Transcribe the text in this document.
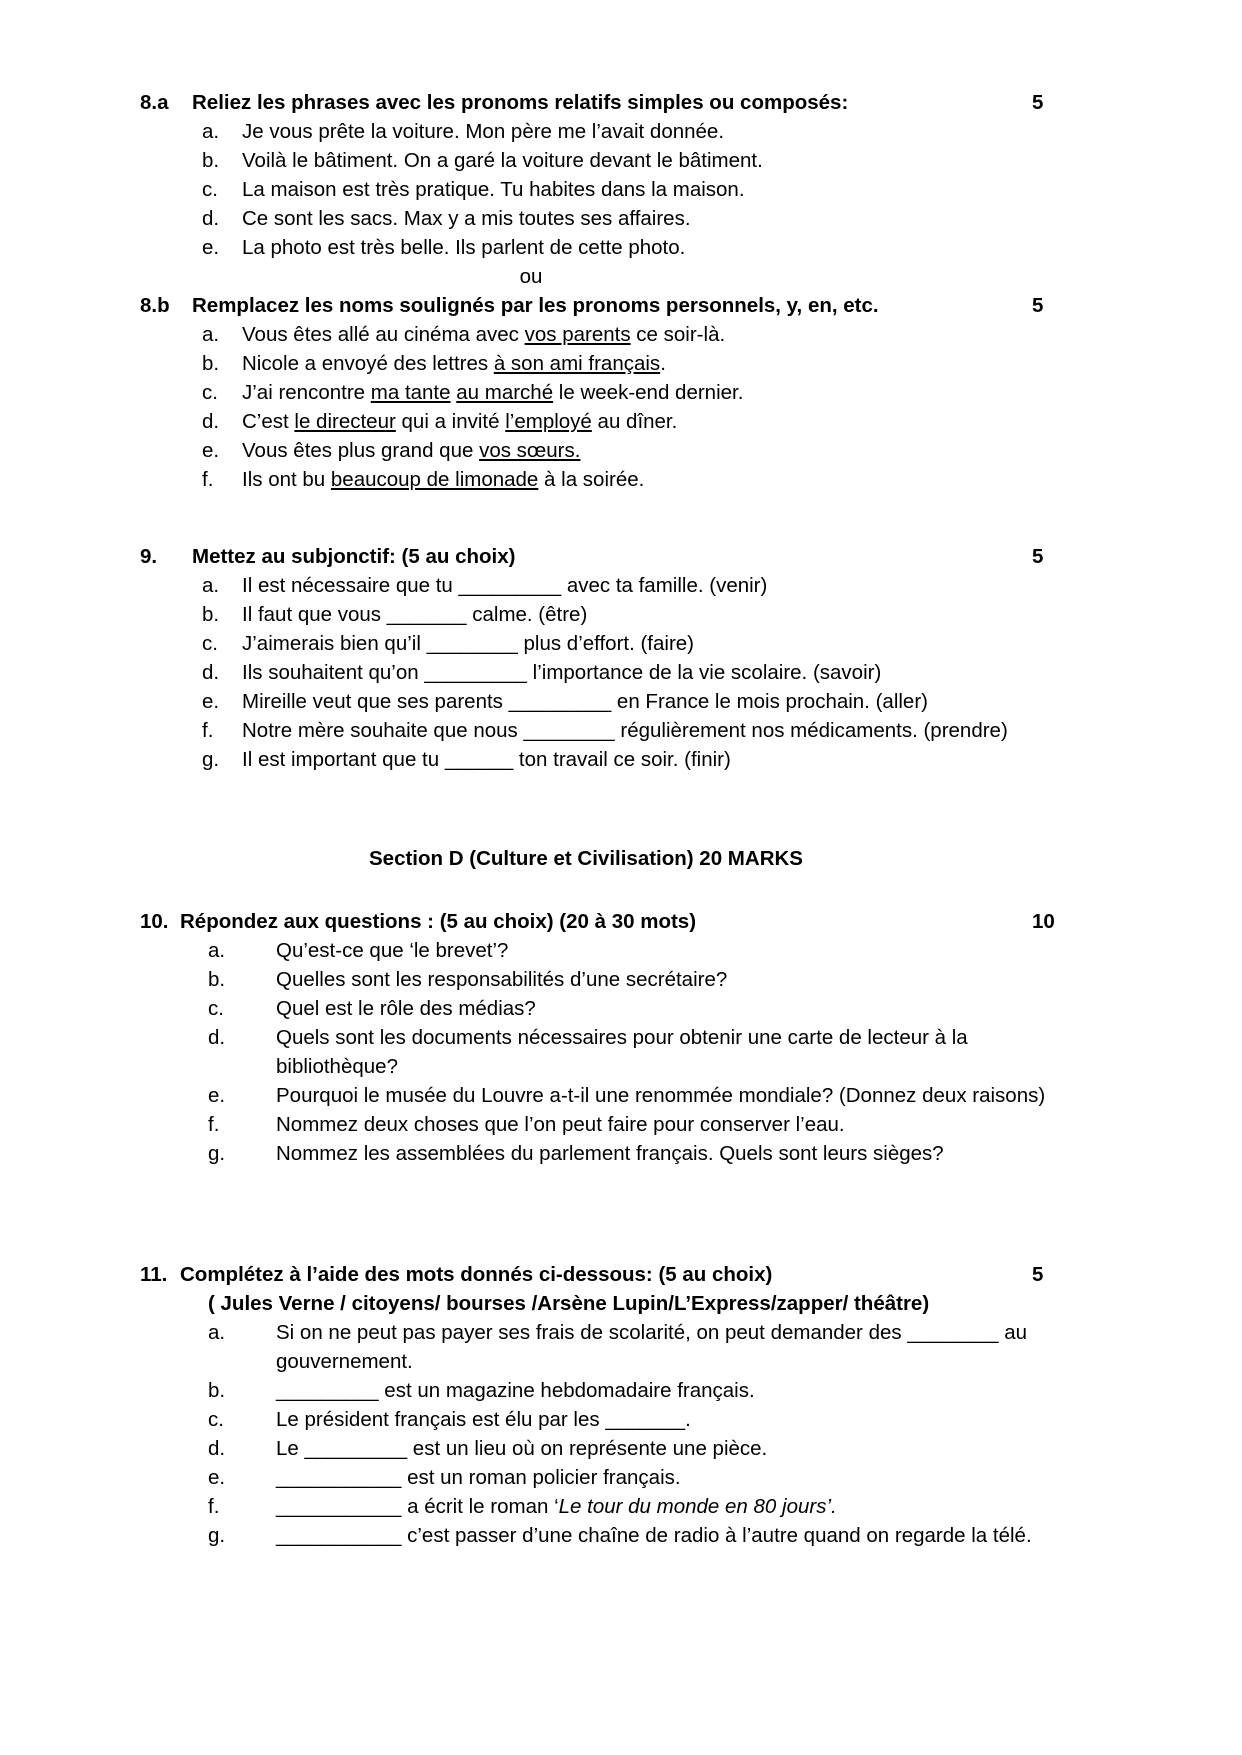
8.a	Reliez les phrases avec les pronoms relatifs simples ou composés:	5
a.	Je vous prête la voiture. Mon père me l’avait donnée.
b.	Voilà le bâtiment. On a garé la voiture devant le bâtiment.
c.	La maison est très pratique. Tu habites dans la maison.
d.	Ce sont les sacs. Max y a mis toutes ses affaires.
e.	La photo est très belle. Ils parlent de cette photo.
ou
8.b	Remplacez les noms soulignés par les pronoms personnels, y, en, etc.	5
a.	Vous êtes allé au cinéma avec vos parents ce soir-là.
b.	Nicole a envoyé des lettres à son ami français.
c.	J’ai rencontre ma tante au marché le week-end dernier.
d.	C’est le directeur qui a invité l’employé au dîner.
e.	Vous êtes plus grand que vos sœurs.
f.	Ils ont bu beaucoup de limonade à la soirée.
9.	Mettez au subjonctif: (5 au choix)	5
a.	Il est nécessaire que tu _________ avec ta famille. (venir)
b.	Il faut que vous _______ calme. (être)
c.	J’aimerais bien qu’il ________ plus d’effort. (faire)
d.	Ils souhaitent qu’on _________ l’importance de la vie scolaire. (savoir)
e.	Mireille veut que ses parents _________ en France le mois prochain. (aller)
f.	Notre mère souhaite que nous ________ régulièrement nos médicaments. (prendre)
g.	Il est important que tu ______ ton travail ce soir. (finir)
Section D (Culture et Civilisation) 20 MARKS
10. Répondez aux questions : (5 au choix) (20 à 30 mots)	10
a.	Qu’est-ce que ‘le brevet’?
b.	Quelles sont les responsabilités d’une secrétaire?
c.	Quel est le rôle des médias?
d.	Quels sont les documents nécessaires pour obtenir une carte de lecteur à la bibliothèque?
e.	Pourquoi le musée du Louvre a-t-il une renommée mondiale? (Donnez deux raisons)
f.	Nommez deux choses que l’on peut faire pour conserver l’eau.
g.	Nommez les assemblées du parlement français. Quels sont leurs sièges?
11. Complétez à l’aide des mots donnés ci-dessous: (5 au choix)	5
( Jules Verne / citoyens/ bourses /Arsène Lupin/L’Express/zapper/ théâtre)
a.	Si on ne peut pas payer ses frais de scolarité, on peut demander des ________ au gouvernement.
b.	_________ est un magazine hebdomadaire français.
c.	Le président français est élu par les _______.
d.	Le _________ est un lieu où on représente une pièce.
e.	___________ est un roman policier français.
f.	___________ a écrit le roman ‘Le tour du monde en 80 jours’.
g.	___________ c’est passer d’une chaîne de radio à l’autre quand on regarde la télé.
